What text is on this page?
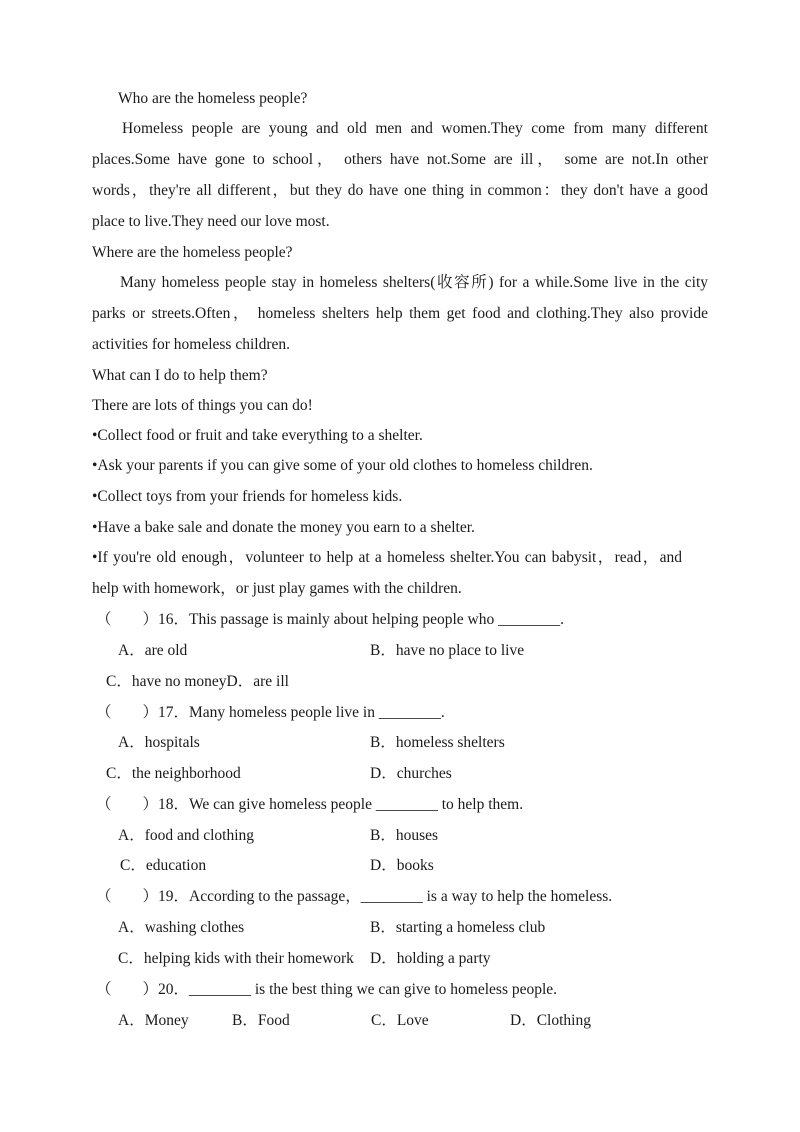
Who are the homeless people?
Homeless people are young and old men and women.They come from many different
places.Some have gone to school， others have not.Some are ill， some are not.In other
words，they're all different，but they do have one thing in common：they don't have a good
place to live.They need our love most.
Where are the homeless people?
Many homeless people stay in homeless shelters(收容所) for a while.Some live in the city
parks or streets.Often， homeless shelters help them get food and clothing.They also provide
activities for homeless children.
What can I do to help them?
There are lots of things you can do!
•Collect food or fruit and take everything to a shelter.
•Ask your parents if you can give some of your old clothes to homeless children.
•Collect toys from your friends for homeless kids.
•Have a bake sale and donate the money you earn to a shelter.
•If you're old enough，volunteer to help at a homeless shelter.You can babysit，read，and
help with homework，or just play games with the children.
（　　）16．This passage is mainly about helping people who ________.
A．are old	B．have no place to live
C．have no moneyD．are ill
（　　）17．Many homeless people live in ________.
A．hospitals	B．homeless shelters
C．the neighborhood	D．churches
（　　）18．We can give homeless people ________ to help them.
A．food and clothing	B．houses
C．education	D．books
（　　）19．According to the passage，________ is a way to help the homeless.
A．washing clothes	B．starting a homeless club
C．helping kids with their homework D．holding a party
（　　）20．________ is the best thing we can give to homeless people.
A．Money	B．Food	C．Love	D．Clothing
